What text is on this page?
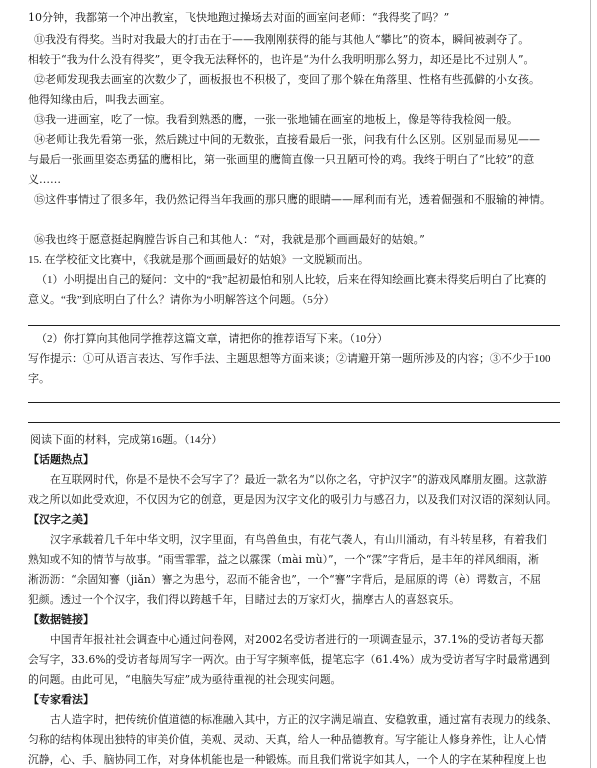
10分钟，我都第一个冲出教室，飞快地跑过操场去对面的画室问老师：“我得奖了吗？”
⑪我没有得奖。当时对我最大的打击在于——我刚刚获得的能与其他人“攀比”的资本，瞬间被剥夺了。
相较于“我为什么没有得奖”，更令我无法释怀的，也许是“为什么我明明那么努力，却还是比不过别人”。
⑫老师发现我去画室的次数少了，画板报也不积极了，变回了那个躲在角落里、性格有些孤僻的小女孩。
他得知缘由后，叫我去画室。
⑬我一进画室，吃了一惊。我看到熟悉的鹰，一张一张地铺在画室的地板上，像是等待我检阅一般。
⑭老师让我先看第一张，然后跳过中间的无数张，直接看最后一张，问我有什么区别。区别显而易见——
与最后一张画里姿态勇猛的鹰相比，第一张画里的鹰简直像一只丑陋可怜的鸡。我终于明白了“比较”的意
义……
⑮这件事情过了很多年，我仍然记得当年我画的那只鹰的眼睛——犀利而有光，透着倔强和不服输的神情。
⑯我也终于愿意挺起胸膛告诉自己和其他人：“对，我就是那个画画最好的姑娘。”
15. 在学校征文比赛中，《我就是那个画画最好的姑娘》一文脱颖而出。
（1）小明提出自己的疑问：文中的“我”起初最怕和别人比较，后来在得知绘画比赛未得奖后明白了比赛的
意义。“我”到底明白了什么？请你为小明解答这个问题。（5分）
（2）你打算向其他同学推荐这篇文章，请把你的推荐语写下来。（10分）
写作提示：①可从语言表达、写作手法、主题思想等方面来谈；②请避开第一题所涉及的内容；③不少于100
字。
阅读下面的材料，完成第16题。（14分）
【话题热点】
在互联网时代，你是不是快不会写字了？最近一款名为“以你之名，守护汉字”的游戏风靡朋友圈。这款游
戏之所以如此受欢迎，不仅因为它的创意，更是因为汉字文化的吸引力与感召力，以及我们对汉语的深刻认同。
【汉字之美】
汉字承载着几千年中华文明，汉字里面，有鸟兽鱼虫，有花气袭人，有山川涌动，有斗转星移，有着我们
熟知或不知的情节与故事。“雨雪霏霏，益之以霡霂（mài mù）”，一个“霂”字背后，是丰年的祥风细雨，淅
淅沥沥：“余固知謇（jiǎn）謇之为患兮，忍而不能舍也”，一个“謇”字背后，是屈原的谔（è）谔数言，不屈
犯颜。透过一个个汉字，我们得以跨越千年，目睹过去的万家灯火，揣摩古人的喜怒哀乐。
【数据链接】
中国青年报社社会调查中心通过问卷网，对2002名受访者进行的一项调查显示，37.1%的受访者每天都
会写字，33.6%的受访者每周写字一两次。由于写字频率低，提笔忘字（61.4%）成为受访者写字时最常遇到
的问题。由此可见，“电脑失写症”成为亟待重视的社会现实问题。
【专家看法】
古人造字时，把传统价值道德的标准融入其中，方正的汉字满足端直、安稳敦重，通过富有表现力的线条、
匀称的结构体现出独特的审美价值，美观、灵动、天真，给人一种品德教育。写字能让人修身养性，让人心情
沉静，心、手、脑协同工作，对身体机能也是一种锻炼。而且我们常说字如其人，一个人的字在某种程度上也
